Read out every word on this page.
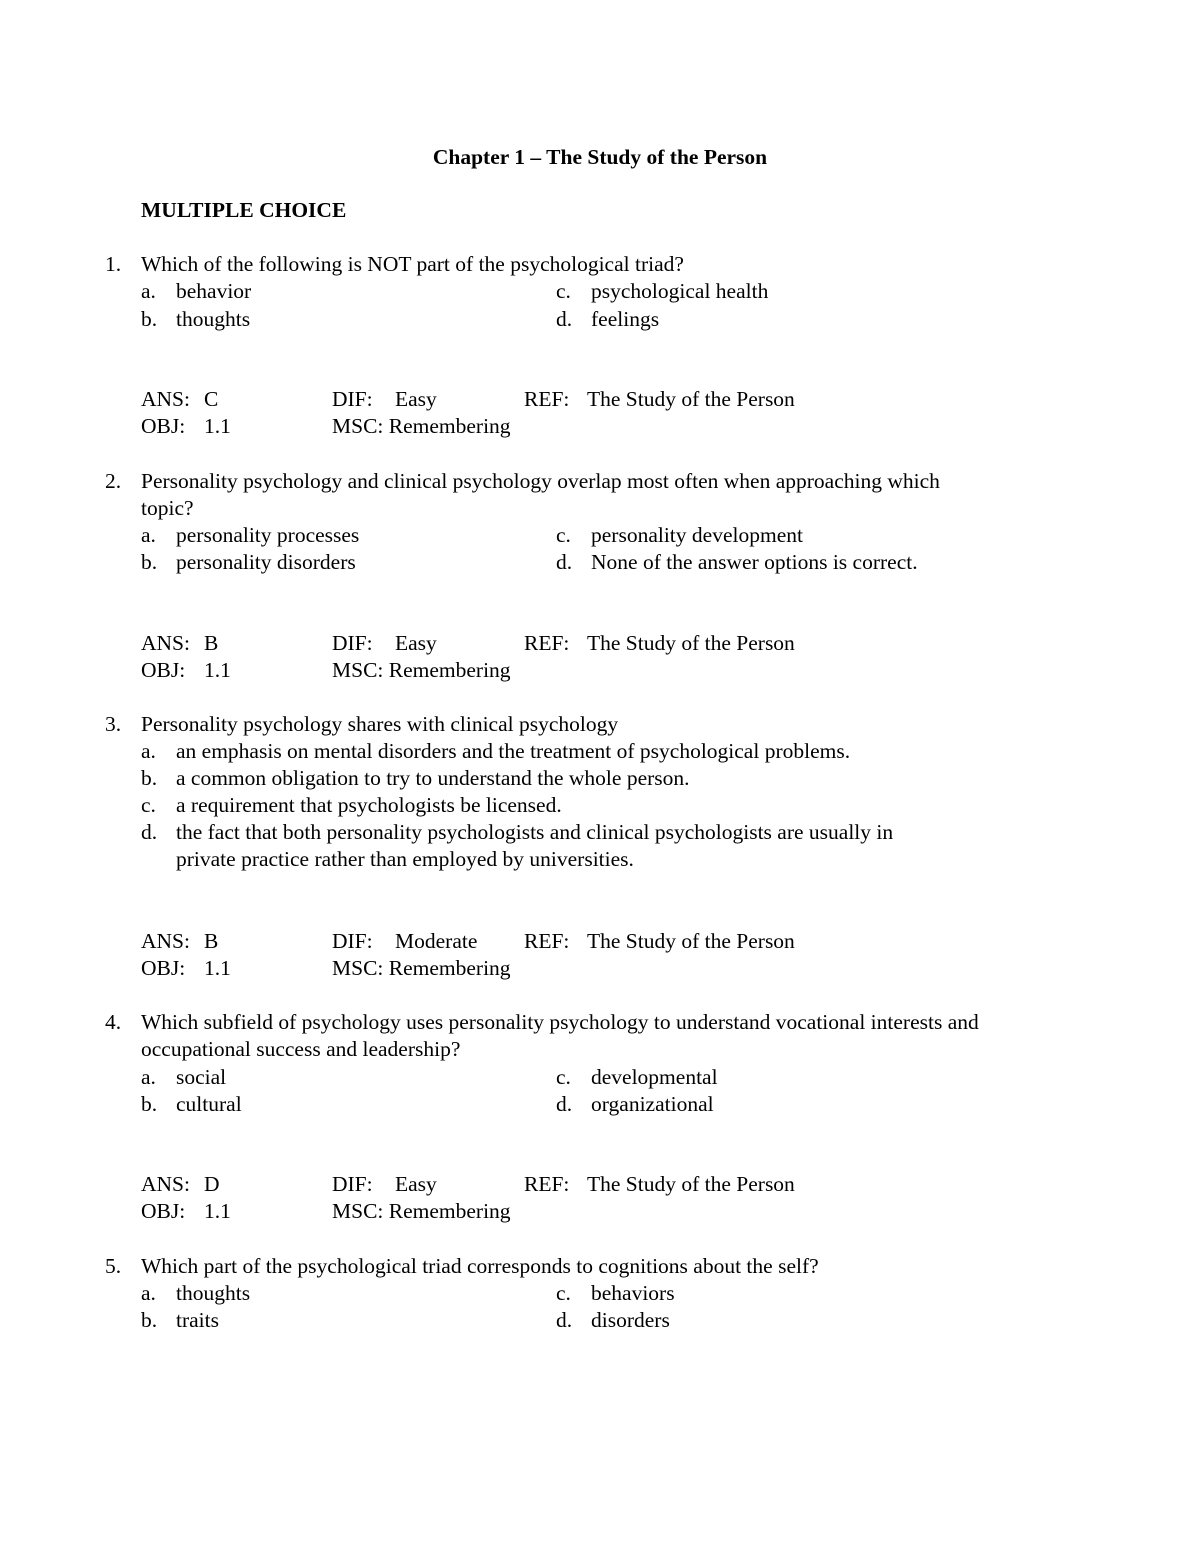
Chapter 1 – The Study of the Person
MULTIPLE CHOICE
1. Which of the following is NOT part of the psychological triad?
a. behavior	c. psychological health
b. thoughts	d. feelings
ANS: C	DIF: Easy	REF: The Study of the Person
OBJ: 1.1	MSC: Remembering
2. Personality psychology and clinical psychology overlap most often when approaching which
topic?
a. personality processes	c. personality development
b. personality disorders	d. None of the answer options is correct.
ANS: B	DIF: Easy	REF: The Study of the Person
OBJ: 1.1	MSC: Remembering
3. Personality psychology shares with clinical psychology
a. an emphasis on mental disorders and the treatment of psychological problems.
b. a common obligation to try to understand the whole person.
c. a requirement that psychologists be licensed.
d. the fact that both personality psychologists and clinical psychologists are usually in
private practice rather than employed by universities.
ANS: B	DIF: Moderate REF: The Study of the Person
OBJ: 1.1	MSC: Remembering
4. Which subfield of psychology uses personality psychology to understand vocational interests and
occupational success and leadership?
a. social	c. developmental
b. cultural	d. organizational
ANS: D	DIF: Easy	REF: The Study of the Person
OBJ: 1.1	MSC: Remembering
5. Which part of the psychological triad corresponds to cognitions about the self?
a. thoughts	c. behaviors
b. traits	d. disorders
